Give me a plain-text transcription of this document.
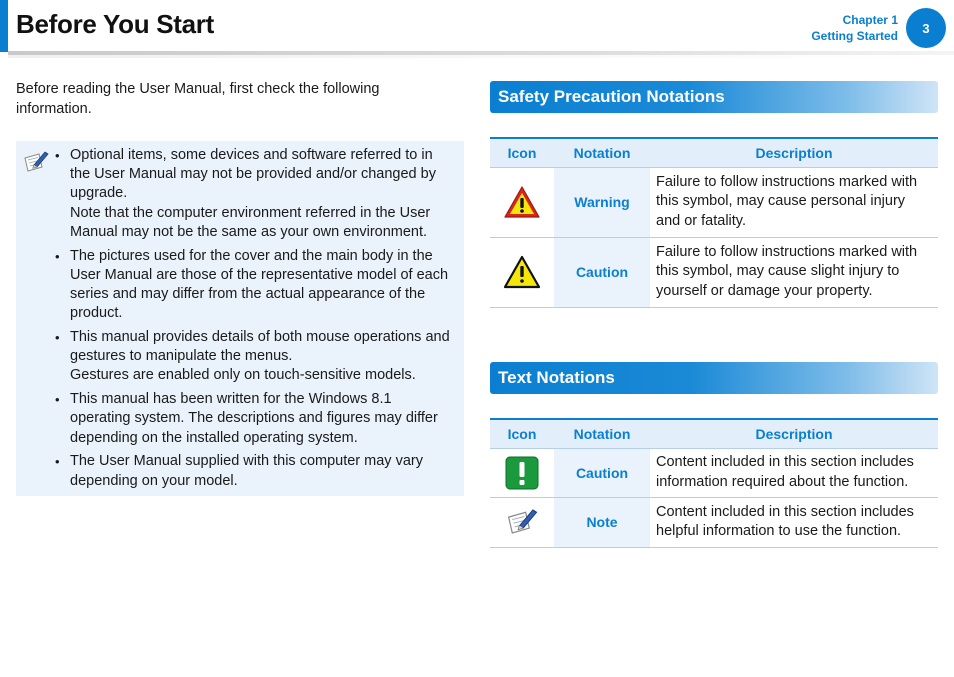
Before You Start	Chapter 1
Getting Started
3

Before reading the User Manual, first check the following information.

• Optional items, some devices and software referred to in the User Manual may not be provided and/or changed by upgrade.
Note that the computer environment referred in the User Manual may not be the same as your own environment.
• The pictures used for the cover and the main body in the User Manual are those of the representative model of each series and may differ from the actual appearance of the product.
• This manual provides details of both mouse operations and gestures to manipulate the menus.
Gestures are enabled only on touch-sensitive models.
• This manual has been written for the Windows 8.1 operating system. The descriptions and figures may differ depending on the installed operating system.
• The User Manual supplied with this computer may vary depending on your model.
Safety Precaution Notations
Icon	Notation	Description

	Warning	Failure to follow instructions marked with this symbol, may cause personal injury and or fatality.

	Caution	Failure to follow instructions marked with this symbol, may cause slight injury to yourself or damage your property.
Text Notations
Icon	Notation	Description

	Caution	Content included in this section includes information required about the function.

	Note	Content included in this section includes helpful information to use the function.
